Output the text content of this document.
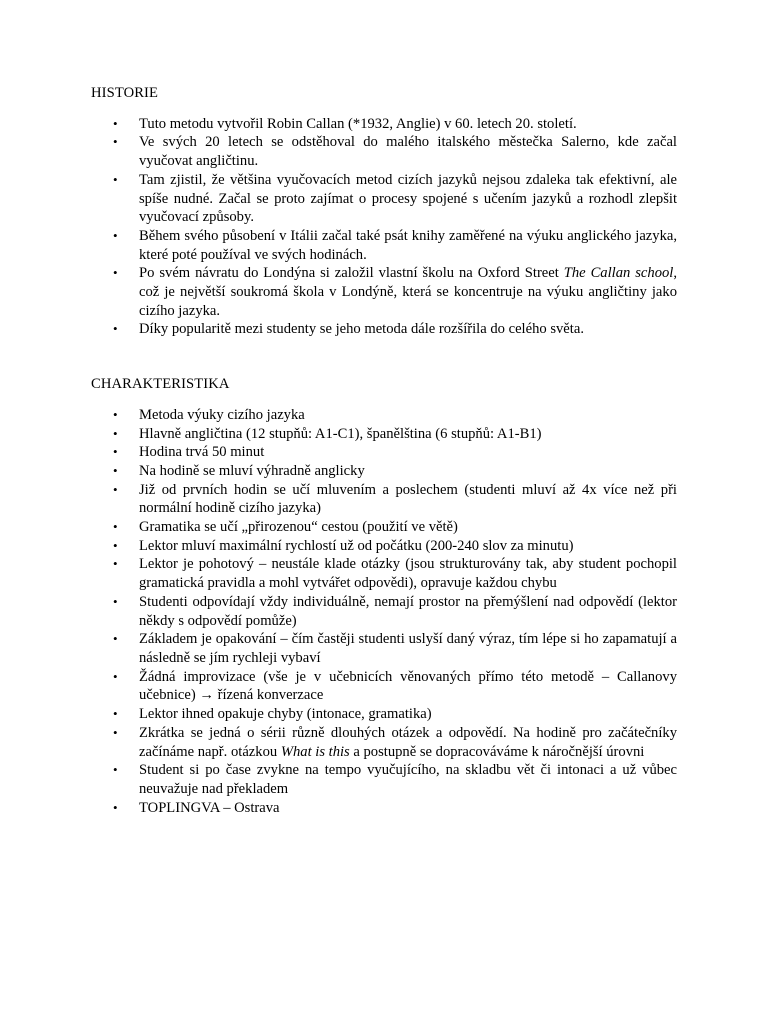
HISTORIE
• Tuto metodu vytvořil Robin Callan (*1932, Anglie) v 60. letech 20. století.
• Ve svých 20 letech se odstěhoval do malého italského městečka Salerno, kde začal vyučovat angličtinu.
• Tam zjistil, že většina vyučovacích metod cizích jazyků nejsou zdaleka tak efektivní, ale spíše nudné. Začal se proto zajímat o procesy spojené s učením jazyků a rozhodl zlepšit vyučovací způsoby.
• Během svého působení v Itálii začal také psát knihy zaměřené na výuku anglického jazyka, které poté používal ve svých hodinách.
• Po svém návratu do Londýna si založil vlastní školu na Oxford Street The Callan school, což je největší soukromá škola v Londýně, která se koncentruje na výuku angličtiny jako cizího jazyka.
• Díky popularitě mezi studenty se jeho metoda dále rozšířila do celého světa.
CHARAKTERISTIKA
• Metoda výuky cizího jazyka
• Hlavně angličtina (12 stupňů: A1-C1), španělština (6 stupňů: A1-B1)
• Hodina trvá 50 minut
• Na hodině se mluví výhradně anglicky
• Již od prvních hodin se učí mluvením a poslechem (studenti mluví až 4x více než při normální hodině cizího jazyka)
• Gramatika se učí „přirozenou“ cestou (použití ve větě)
• Lektor mluví maximální rychlostí už od počátku (200-240 slov za minutu)
• Lektor je pohotový – neustále klade otázky (jsou strukturovány tak, aby student pochopil gramatická pravidla a mohl vytvářet odpovědi), opravuje každou chybu
• Studenti odpovídají vždy individuálně, nemají prostor na přemýšlení nad odpovědí (lektor někdy s odpovědí pomůže)
• Základem je opakování – čím častěji studenti uslyší daný výraz, tím lépe si ho zapamatují a následně se jím rychleji vybaví
• Žádná improvizace (vše je v učebnicích věnovaných přímo této metodě – Callanovy učebnice) → řízená konverzace
• Lektor ihned opakuje chyby (intonace, gramatika)
• Zkrátka se jedná o sérii různě dlouhých otázek a odpovědí. Na hodině pro začátečníky začínáme např. otázkou What is this a postupně se dopracováváme k náročnější úrovni
• Student si po čase zvykne na tempo vyučujícího, na skladbu vět či intonaci a už vůbec neuvažuje nad překladem
• TOPLINGVA – Ostrava
